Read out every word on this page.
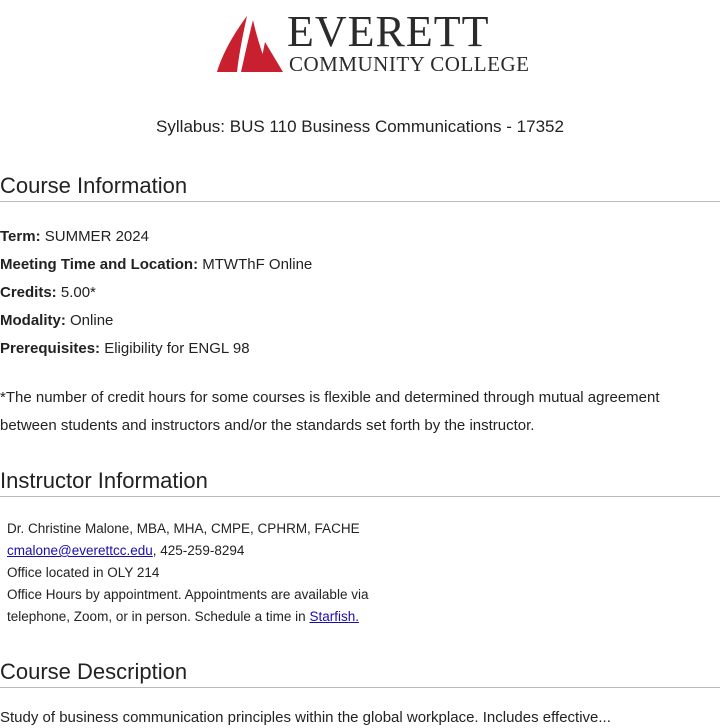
EVERETT
COMMUNITY COLLEGE
Syllabus: BUS 110 Business Communications - 17352
Course Information
Term: SUMMER 2024
Meeting Time and Location: MTWThF Online
Credits: 5.00*
Modality: Online
Prerequisites: Eligibility for ENGL 98
*The number of credit hours for some courses is flexible and determined through mutual agreement between students and instructors and/or the standards set forth by the instructor.
Instructor Information
Dr. Christine Malone, MBA, MHA, CMPE, CPHRM, FACHE
cmalone@everettcc.edu, 425-259-8294
Office located in OLY 214
Office Hours by appointment. Appointments are available via telephone, Zoom, or in person. Schedule a time in Starfish.
Course Description
Study of business communication principles within the global workplace. Includes effective...
